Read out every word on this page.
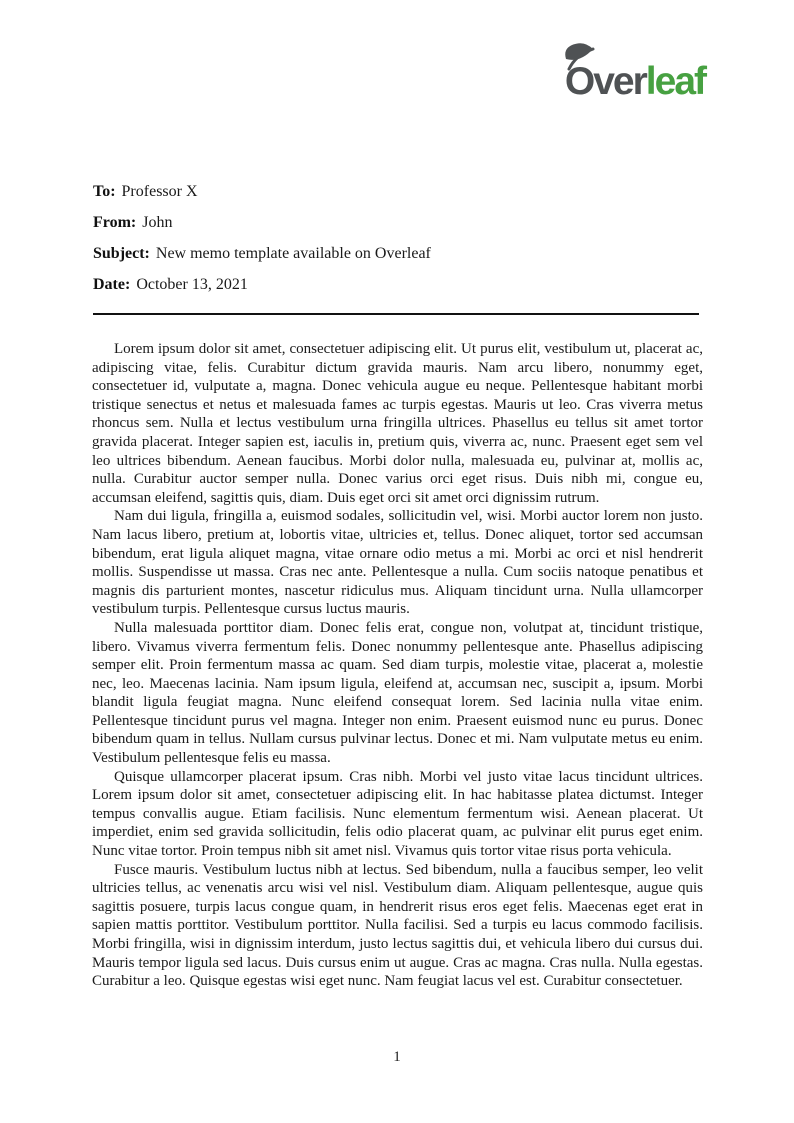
Over leaf
To: Professor X
From: John
Subject: New memo template available on Overleaf
Date: October 13, 2021

Lorem ipsum dolor sit amet, consectetuer adipiscing elit. Ut purus elit, vestibulum ut, placerat ac, adipiscing vitae, felis. Curabitur dictum gravida mauris. Nam arcu libero, nonummy eget, consectetuer id, vulputate a, magna. Donec vehicula augue eu neque. Pellentesque habitant morbi tristique senectus et netus et malesuada fames ac turpis egestas. Mauris ut leo. Cras viverra metus rhoncus sem. Nulla et lectus vestibulum urna fringilla ultrices. Phasellus eu tellus sit amet tortor gravida placerat. Integer sapien est, iaculis in, pretium quis, viverra ac, nunc. Praesent eget sem vel leo ultrices bibendum. Aenean faucibus. Morbi dolor nulla, malesuada eu, pulvinar at, mollis ac, nulla. Curabitur auctor semper nulla. Donec varius orci eget risus. Duis nibh mi, congue eu, accumsan eleifend, sagittis quis, diam. Duis eget orci sit amet orci dignissim rutrum.

Nam dui ligula, fringilla a, euismod sodales, sollicitudin vel, wisi. Morbi auctor lorem non justo. Nam lacus libero, pretium at, lobortis vitae, ultricies et, tellus. Donec aliquet, tortor sed accumsan bibendum, erat ligula aliquet magna, vitae ornare odio metus a mi. Morbi ac orci et nisl hendrerit mollis. Suspendisse ut massa. Cras nec ante. Pellentesque a nulla. Cum sociis natoque penatibus et magnis dis parturient montes, nascetur ridiculus mus. Aliquam tincidunt urna. Nulla ullamcorper vestibulum turpis. Pellentesque cursus luctus mauris.

Nulla malesuada porttitor diam. Donec felis erat, congue non, volutpat at, tincidunt tristique, libero. Vivamus viverra fermentum felis. Donec nonummy pellentesque ante. Phasellus adipiscing semper elit. Proin fermentum massa ac quam. Sed diam turpis, molestie vitae, placerat a, molestie nec, leo. Maecenas lacinia. Nam ipsum ligula, eleifend at, accumsan nec, suscipit a, ipsum. Morbi blandit ligula feugiat magna. Nunc eleifend consequat lorem. Sed lacinia nulla vitae enim. Pellentesque tincidunt purus vel magna. Integer non enim. Praesent euismod nunc eu purus. Donec bibendum quam in tellus. Nullam cursus pulvinar lectus. Donec et mi. Nam vulputate metus eu enim. Vestibulum pellentesque felis eu massa.

Quisque ullamcorper placerat ipsum. Cras nibh. Morbi vel justo vitae lacus tincidunt ultrices. Lorem ipsum dolor sit amet, consectetuer adipiscing elit. In hac habitasse platea dictumst. Integer tempus convallis augue. Etiam facilisis. Nunc elementum fermentum wisi. Aenean placerat. Ut imperdiet, enim sed gravida sollicitudin, felis odio placerat quam, ac pulvinar elit purus eget enim. Nunc vitae tortor. Proin tempus nibh sit amet nisl. Vivamus quis tortor vitae risus porta vehicula.

Fusce mauris. Vestibulum luctus nibh at lectus. Sed bibendum, nulla a faucibus semper, leo velit ultricies tellus, ac venenatis arcu wisi vel nisl. Vestibulum diam. Aliquam pellentesque, augue quis sagittis posuere, turpis lacus congue quam, in hendrerit risus eros eget felis. Maecenas eget erat in sapien mattis porttitor. Vestibulum porttitor. Nulla facilisi. Sed a turpis eu lacus commodo facilisis. Morbi fringilla, wisi in dignissim interdum, justo lectus sagittis dui, et vehicula libero dui cursus dui. Mauris tempor ligula sed lacus. Duis cursus enim ut augue. Cras ac magna. Cras nulla. Nulla egestas. Curabitur a leo. Quisque egestas wisi eget nunc. Nam feugiat lacus vel est. Curabitur consectetuer.

1
